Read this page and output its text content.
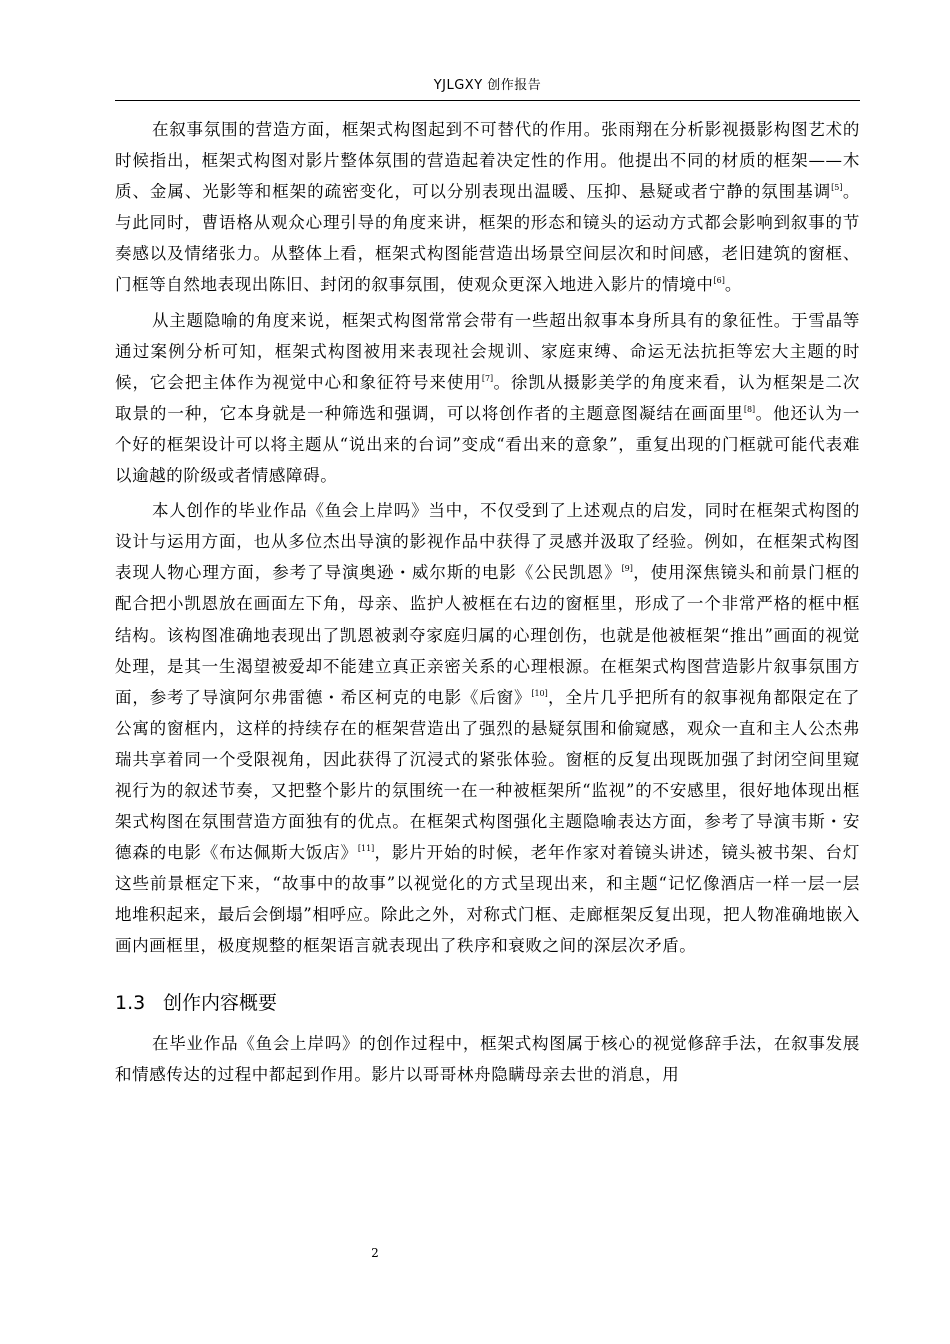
YJLGXY 创作报告

在叙事氛围的营造方面，框架式构图起到不可替代的作用。张雨翔在分析影视摄影构图艺术的时候指出，框架式构图对影片整体氛围的营造起着决定性的作用。他提出不同的材质的框架——木质、金属、光影等和框架的疏密变化，可以分别表现出温暖、压抑、悬疑或者宁静的氛围基调[5]。与此同时，曹语格从观众心理引导的角度来讲，框架的形态和镜头的运动方式都会影响到叙事的节奏感以及情绪张力。从整体上看，框架式构图能营造出场景空间层次和时间感，老旧建筑的窗框、门框等自然地表现出陈旧、封闭的叙事氛围，使观众更深入地进入影片的情境中[6]。

从主题隐喻的角度来说，框架式构图常常会带有一些超出叙事本身所具有的象征性。于雪晶等通过案例分析可知，框架式构图被用来表现社会规训、家庭束缚、命运无法抗拒等宏大主题的时候，它会把主体作为视觉中心和象征符号来使用[7]。徐凯从摄影美学的角度来看，认为框架是二次取景的一种，它本身就是一种筛选和强调，可以将创作者的主题意图凝结在画面里[8]。他还认为一个好的框架设计可以将主题从“说出来的台词”变成“看出来的意象”，重复出现的门框就可能代表难以逾越的阶级或者情感障碍。

本人创作的毕业作品《鱼会上岸吗》当中，不仅受到了上述观点的启发，同时在框架式构图的设计与运用方面，也从多位杰出导演的影视作品中获得了灵感并汲取了经验。例如，在框架式构图表现人物心理方面，参考了导演奥逊・威尔斯的电影《公民凯恩》[9]，使用深焦镜头和前景门框的配合把小凯恩放在画面左下角，母亲、监护人被框在右边的窗框里，形成了一个非常严格的框中框结构。该构图准确地表现出了凯恩被剥夺家庭归属的心理创伤，也就是他被框架“推出”画面的视觉处理，是其一生渴望被爱却不能建立真正亲密关系的心理根源。在框架式构图营造影片叙事氛围方面，参考了导演阿尔弗雷德・希区柯克的电影《后窗》[10]，全片几乎把所有的叙事视角都限定在了公寓的窗框内，这样的持续存在的框架营造出了强烈的悬疑氛围和偷窥感，观众一直和主人公杰弗瑞共享着同一个受限视角，因此获得了沉浸式的紧张体验。窗框的反复出现既加强了封闭空间里窥视行为的叙述节奏，又把整个影片的氛围统一在一种被框架所“监视”的不安感里，很好地体现出框架式构图在氛围营造方面独有的优点。在框架式构图强化主题隐喻表达方面，参考了导演韦斯・安德森的电影《布达佩斯大饭店》[11]，影片开始的时候，老年作家对着镜头讲述，镜头被书架、台灯这些前景框定下来，“故事中的故事”以视觉化的方式呈现出来，和主题“记忆像酒店一样一层一层地堆积起来，最后会倒塌”相呼应。除此之外，对称式门框、走廊框架反复出现，把人物准确地嵌入画内画框里，极度规整的框架语言就表现出了秩序和衰败之间的深层次矛盾。

1.3 创作内容概要

在毕业作品《鱼会上岸吗》的创作过程中，框架式构图属于核心的视觉修辞手法，在叙事发展和情感传达的过程中都起到作用。影片以哥哥林舟隐瞒母亲去世的消息，用

2
